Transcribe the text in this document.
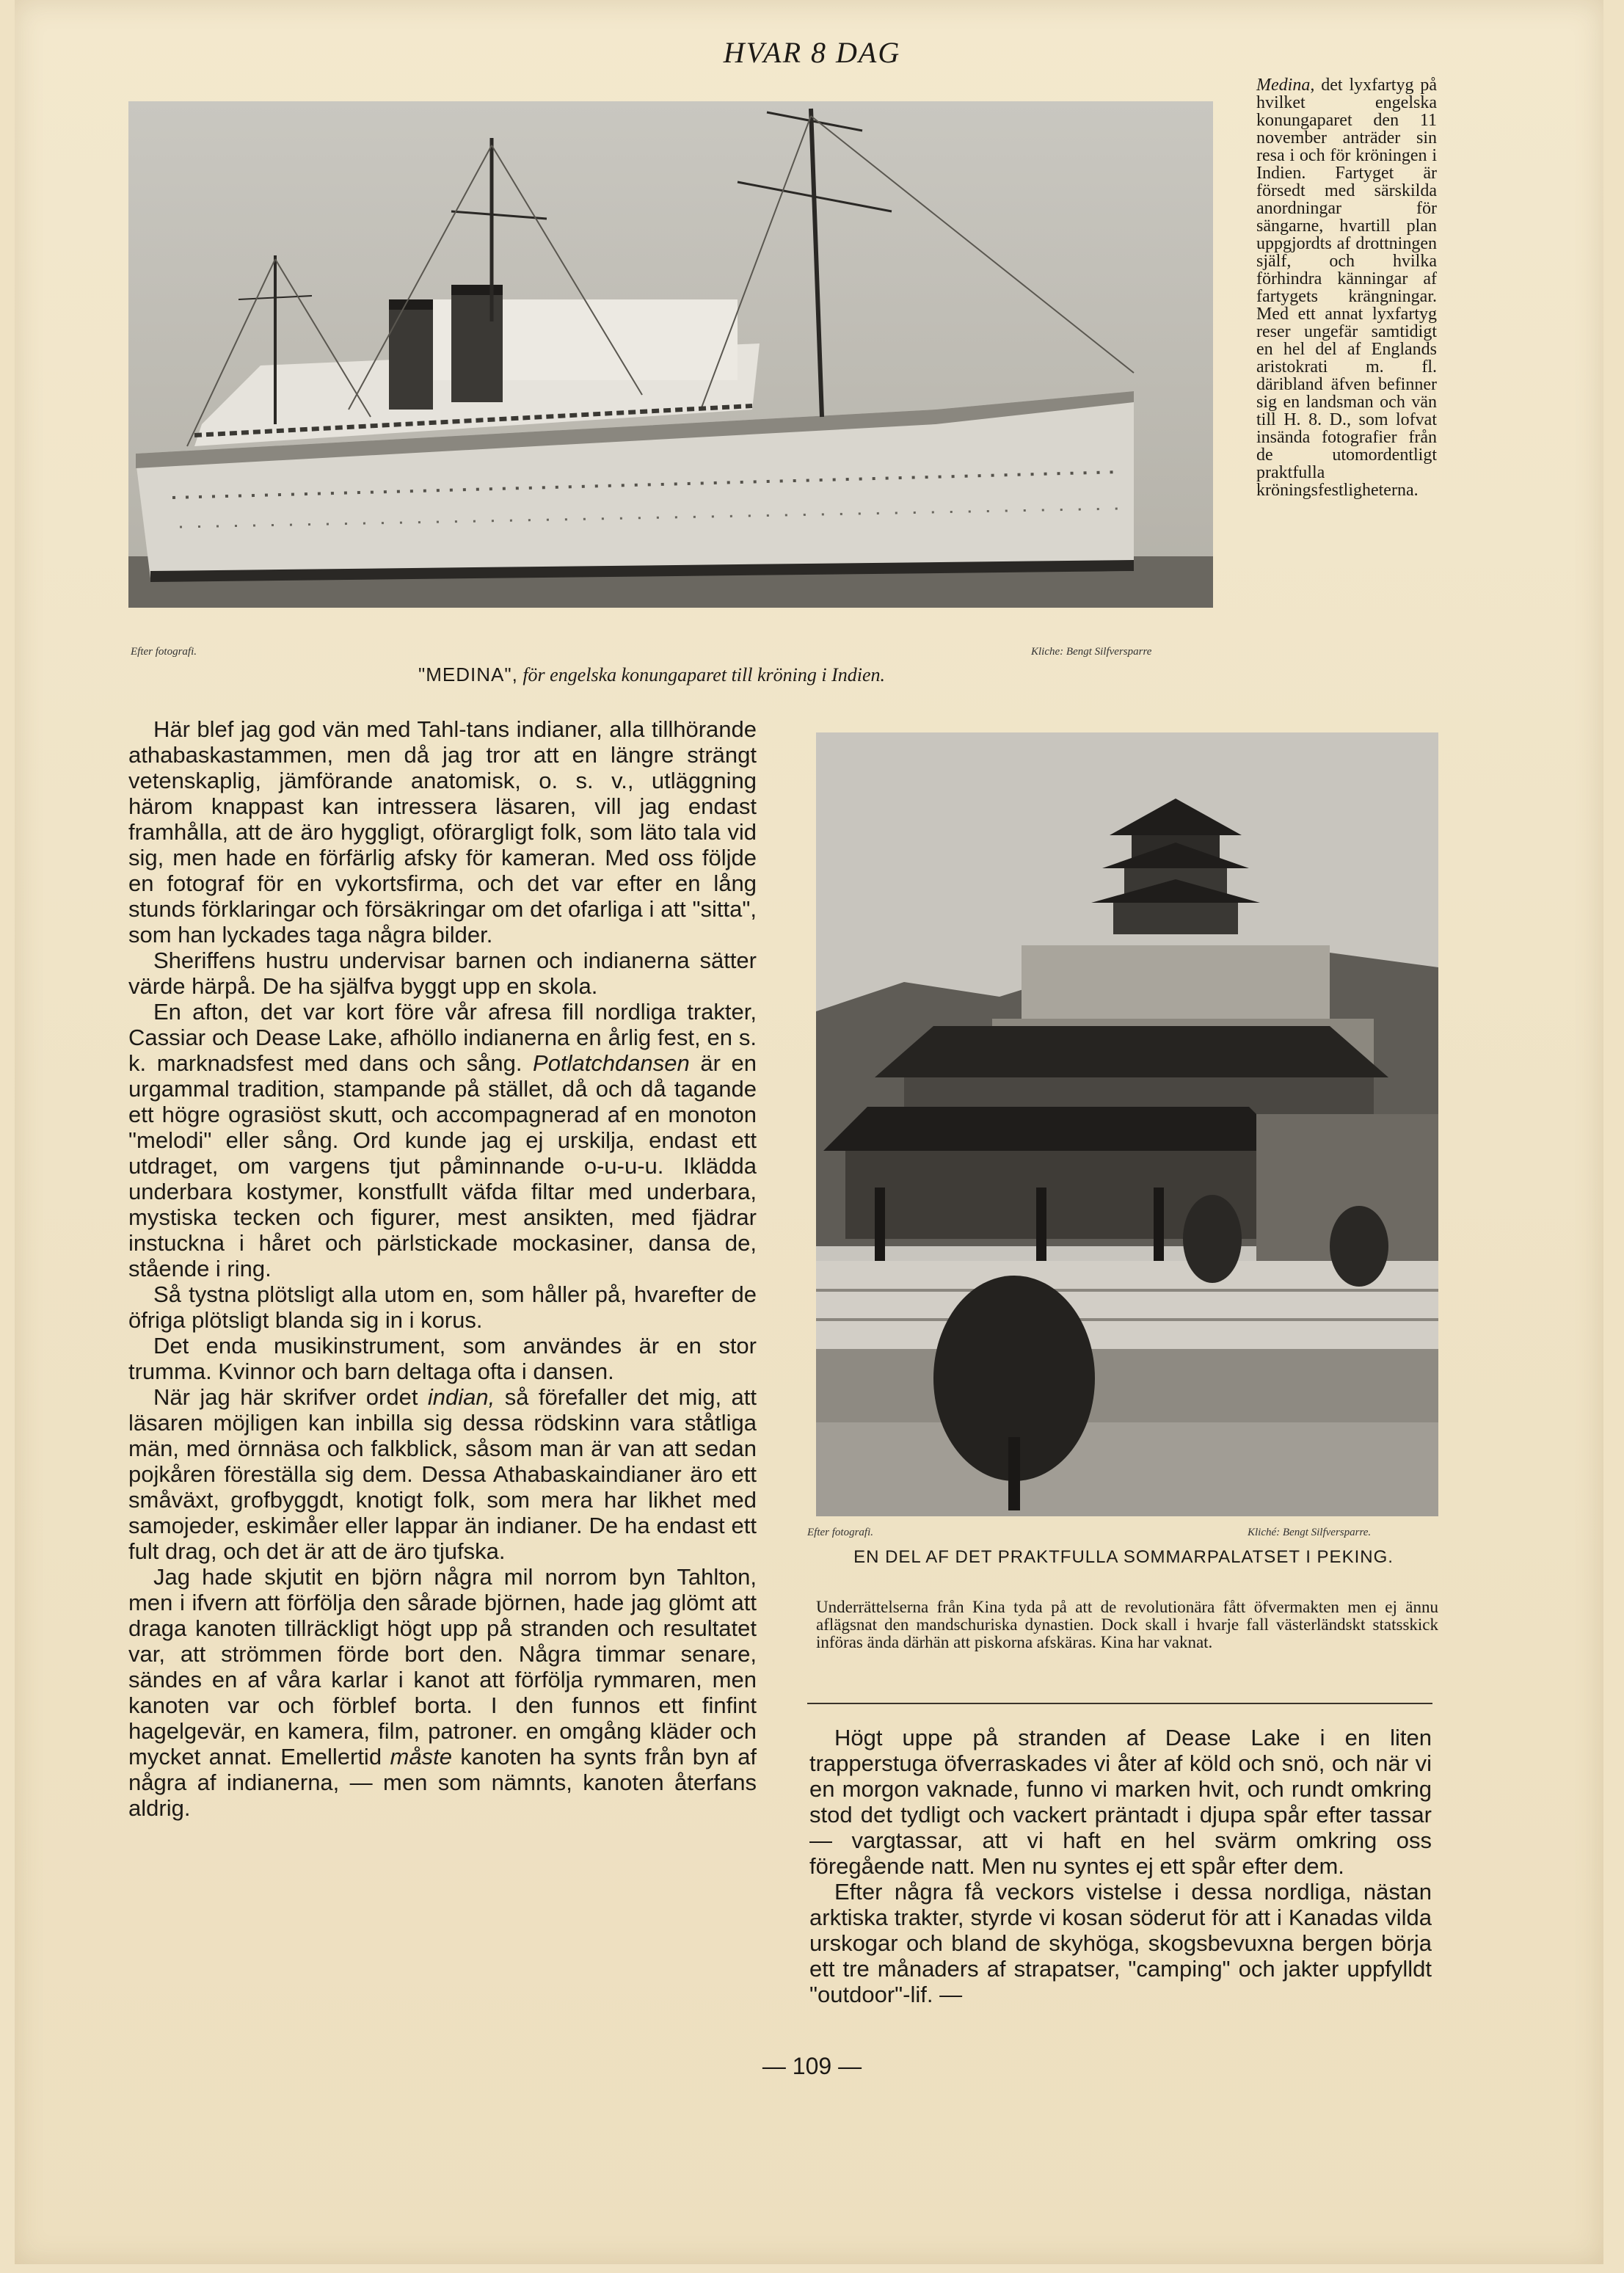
HVAR 8 DAG
Efter fotografi.	Kliche: Bengt Silfversparre
"MEDINA", för engelska konungaparet till kröning i Indien.
Medina, det lyxfartyg på hvilket engelska konungaparet den 11 november anträder sin resa i och för kröningen i Indien. Fartyget är försedt med särskilda anordningar för sängarne, hvartill plan uppgjordts af drottningen själf, och hvilka förhindra känningar af fartygets krängningar. Med ett annat lyxfartyg reser ungefär samtidigt en hel del af Englands aristokrati m. fl. däribland äfven befinner sig en landsman och vän till H. 8. D., som lofvat insända fotografier från de utomordentligt praktfulla kröningsfestligheterna.

Här blef jag god vän med Tahl-tans indianer, alla tillhörande athabaskastammen, men då jag tror att en längre strängt vetenskaplig, jämförande anatomisk, o. s. v., utläggning härom knappast kan intressera läsaren, vill jag endast framhålla, att de äro hyggligt, oförargligt folk, som läto tala vid sig, men hade en förfärlig afsky för kameran. Med oss följde en fotograf för en vykortsfirma, och det var efter en lång stunds förklaringar och försäkringar om det ofarliga i att "sitta", som han lyckades taga några bilder.

Sheriffens hustru undervisar barnen och indianerna sätter värde härpå. De ha själfva byggt upp en skola.

En afton, det var kort före vår afresa fill nordliga trakter, Cassiar och Dease Lake, afhöllo indianerna en årlig fest, en s. k. marknadsfest med dans och sång. Potlatchdansen är en urgammal tradition, stampande på stället, då och då tagande ett högre ograsiöst skutt, och accompagnerad af en monoton "melodi" eller sång. Ord kunde jag ej urskilja, endast ett utdraget, om vargens tjut påminnande o-u-u-u. Iklädda underbara kostymer, konstfullt väfda filtar med underbara, mystiska tecken och figurer, mest ansikten, med fjädrar instuckna i håret och pärlstickade mockasiner, dansa de, stående i ring.

Så tystna plötsligt alla utom en, som håller på, hvarefter de öfriga plötsligt blanda sig in i korus.

Det enda musikinstrument, som användes är en stor trumma. Kvinnor och barn deltaga ofta i dansen.

När jag här skrifver ordet indian, så förefaller det mig, att läsaren möjligen kan inbilla sig dessa rödskinn vara ståtliga män, med örnnäsa och falkblick, såsom man är van att sedan pojkåren föreställa sig dem. Dessa Athabaskaindianer äro ett småväxt, grofbyggdt, knotigt folk, som mera har likhet med samojeder, eskimåer eller lappar än indianer. De ha endast ett fult drag, och det är att de äro tjufska.

Jag hade skjutit en björn några mil norrom byn Tahlton, men i ifvern att förfölja den sårade björnen, hade jag glömt att draga kanoten tillräckligt högt upp på stranden och resultatet var, att strömmen förde bort den. Några timmar senare, sändes en af våra karlar i kanot att förfölja rymmaren, men kanoten var och förblef borta. I den funnos ett finfint hagelgevär, en kamera, film, patroner. en omgång kläder och mycket annat. Emellertid måste kanoten ha synts från byn af några af indianerna, — men som nämnts, kanoten återfans aldrig.

Efter fotografi.	Kliché: Bengt Silfversparre.
EN DEL AF DET PRAKTFULLA SOMMARPALATSET I PEKING.
Underrättelserna från Kina tyda på att de revolutionära fått öfvermakten men ej ännu aflägsnat den mandschuriska dynastien. Dock skall i hvarje fall västerländskt statsskick införas ända därhän att piskorna afskäras. Kina har vaknat.

Högt uppe på stranden af Dease Lake i en liten trapperstuga öfverraskades vi åter af köld och snö, och när vi en morgon vaknade, funno vi marken hvit, och rundt omkring stod det tydligt och vackert präntadt i djupa spår efter tassar — vargtassar, att vi haft en hel svärm omkring oss föregående natt. Men nu syntes ej ett spår efter dem.

Efter några få veckors vistelse i dessa nordliga, nästan arktiska trakter, styrde vi kosan söderut för att i Kanadas vilda urskogar och bland de skyhöga, skogsbevuxna bergen börja ett tre månaders af strapatser, "camping" och jakter uppfylldt "outdoor"-lif. —

— 109 —
